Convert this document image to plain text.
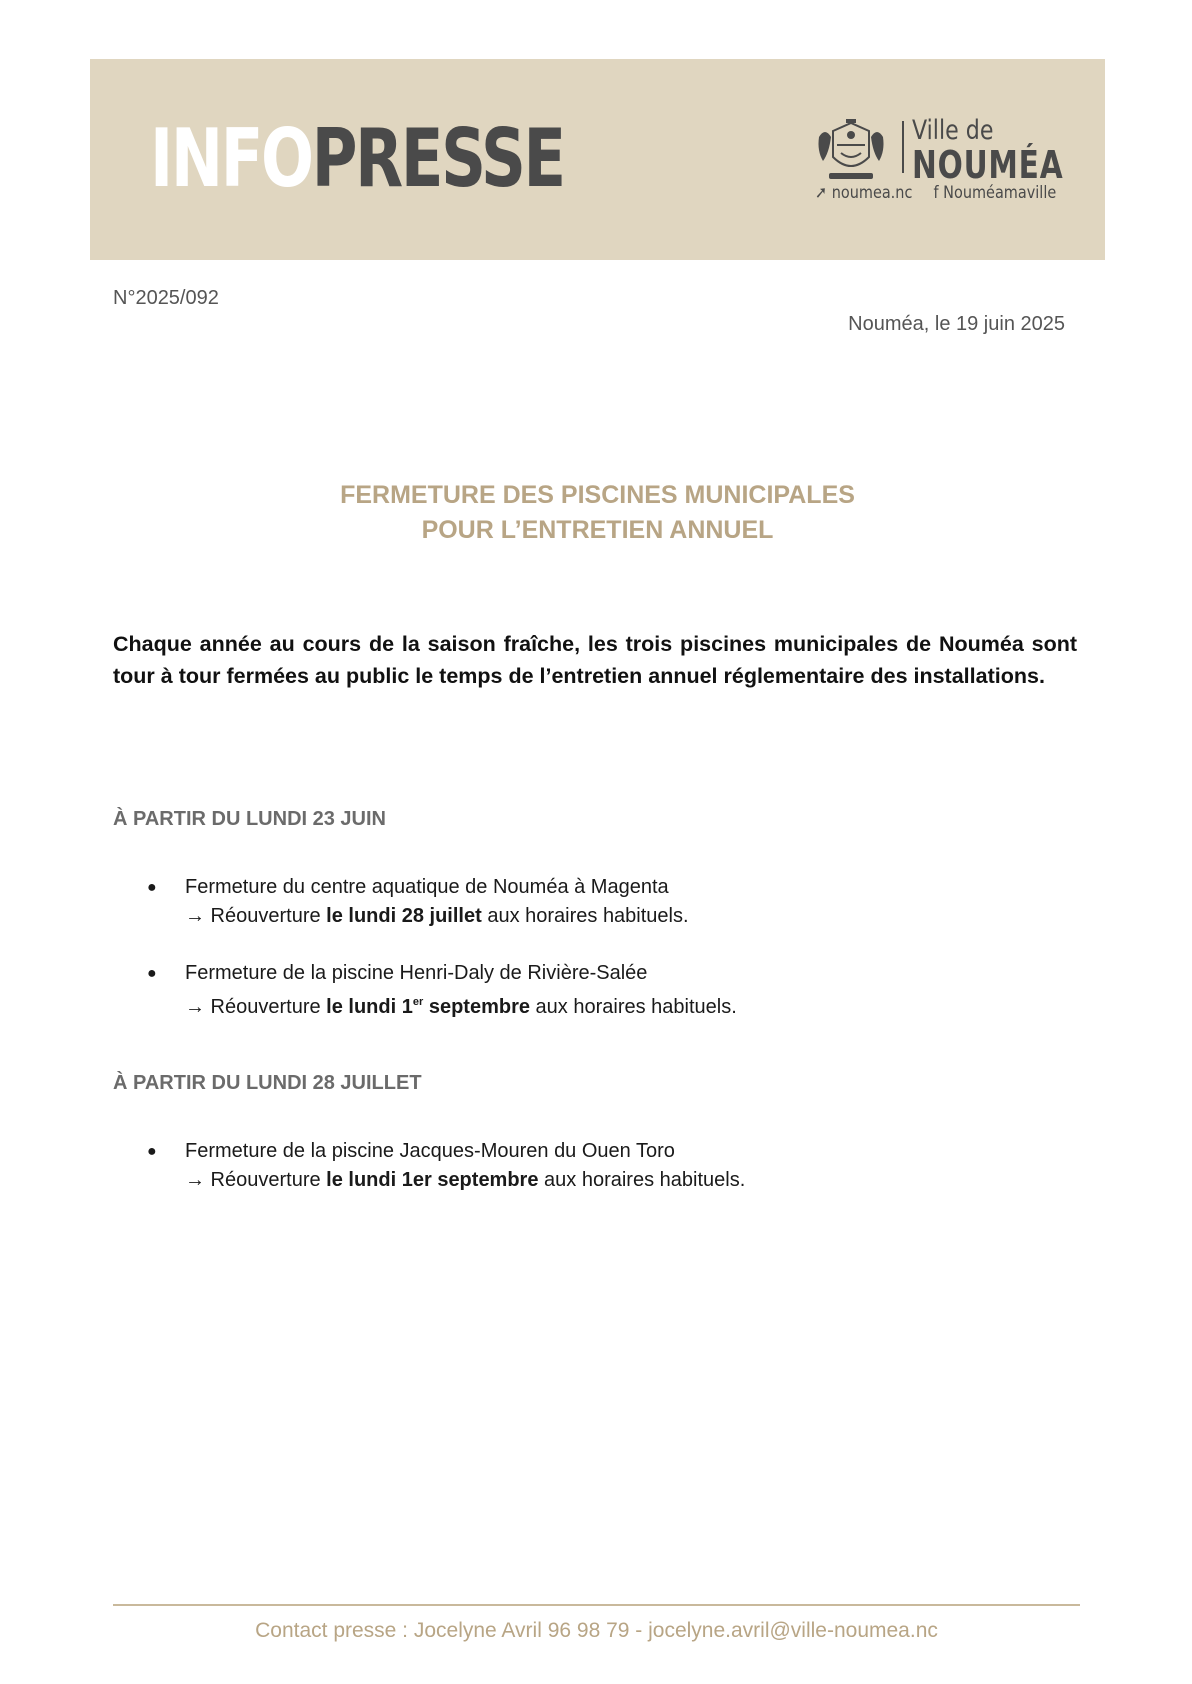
INFOPRESSE	Ville de
NOUMÉA
➚ noumea.nc f Nouméamaville
N°2025/092
Nouméa, le 19 juin 2025
FERMETURE DES PISCINES MUNICIPALES
POUR L’ENTRETIEN ANNUEL
Chaque année au cours de la saison fraîche, les trois piscines municipales de Nouméa sont tour à tour fermées au public le temps de l’entretien annuel réglementaire des installations.
À PARTIR DU LUNDI 23 JUIN
● Fermeture du centre aquatique de Nouméa à Magenta
→ Réouverture le lundi 28 juillet aux horaires habituels.
● Fermeture de la piscine Henri-Daly de Rivière-Salée
→ Réouverture le lundi 1er septembre aux horaires habituels.
À PARTIR DU LUNDI 28 JUILLET
● Fermeture de la piscine Jacques-Mouren du Ouen Toro
→ Réouverture le lundi 1er septembre aux horaires habituels.
Contact presse : Jocelyne Avril 96 98 79 - jocelyne.avril@ville-noumea.nc
